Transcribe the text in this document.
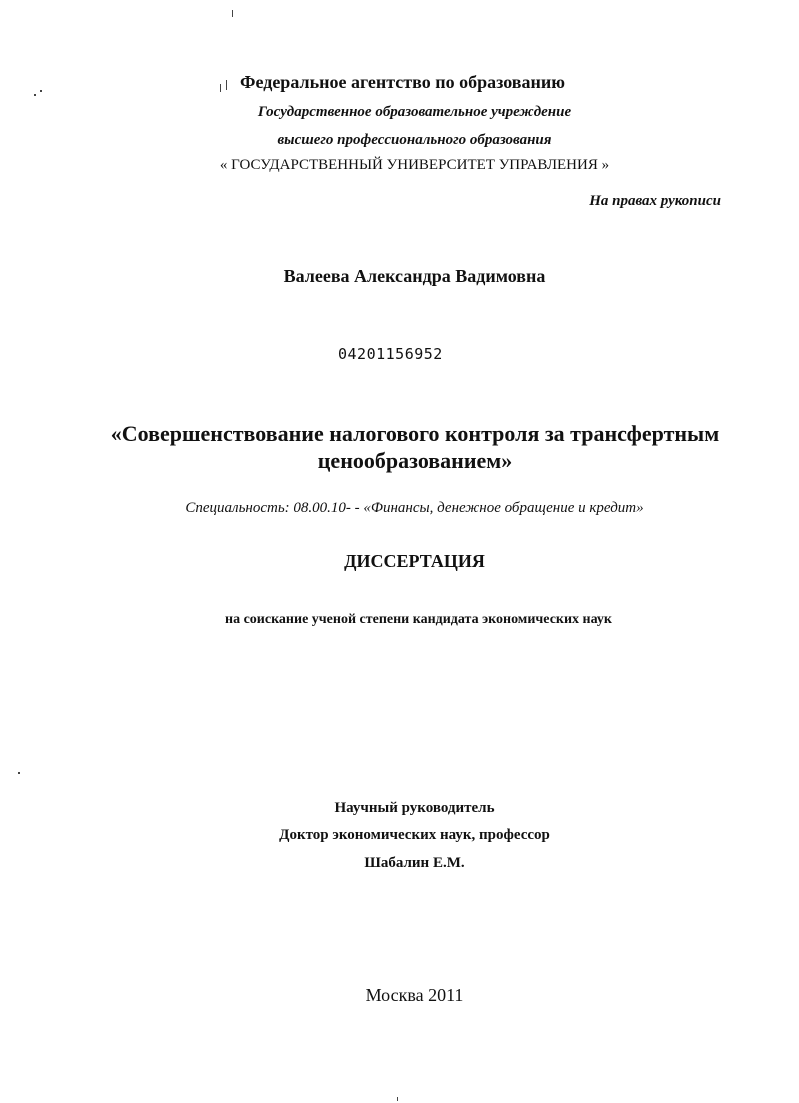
Федеральное агентство по образованию
Государственное образовательное учреждение
высшего профессионального образования
« ГОСУДАРСТВЕННЫЙ УНИВЕРСИТЕТ УПРАВЛЕНИЯ »
На правах рукописи
Валеева Александра Вадимовна
04201156952
«Совершенствование налогового контроля за трансфертным ценообразованием»
Специальность: 08.00.10- - «Финансы, денежное обращение и кредит»
ДИССЕРТАЦИЯ
на соискание ученой степени кандидата экономических наук
Научный руководитель
Доктор экономических наук, профессор
Шабалин Е.М.
Москва 2011
